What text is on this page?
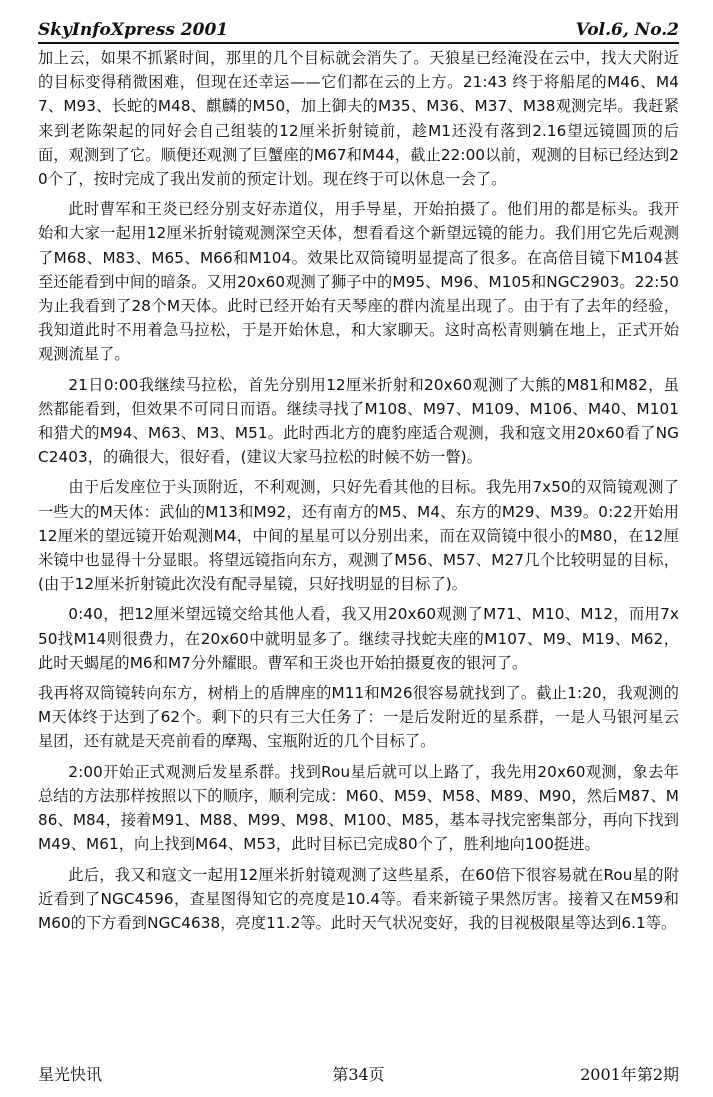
SkyInfoXpress 2001	Vol.6, No.2

加上云，如果不抓紧时间，那里的几个目标就会消失了。天狼星已经淹没在云中，找大犬附近的目标变得稍微困难，但现在还幸运——它们都在云的上方。21:43 终于将船尾的M46、M47、M93、长蛇的M48、麒麟的M50，加上御夫的M35、M36、M37、M38观测完毕。我赶紧来到老陈架起的同好会自己组装的12厘米折射镜前，趁M1还没有落到2.16望远镜圆顶的后面，观测到了它。顺便还观测了巨蟹座的M67和M44，截止22:00以前，观测的目标已经达到20个了，按时完成了我出发前的预定计划。现在终于可以休息一会了。

此时曹军和王炎已经分别支好赤道仪，用手导星，开始拍摄了。他们用的都是标头。我开始和大家一起用12厘米折射镜观测深空天体，想看看这个新望远镜的能力。我们用它先后观测了M68、M83、M65、M66和M104。效果比双筒镜明显提高了很多。在高倍目镜下M104甚至还能看到中间的暗条。又用20x60观测了狮子中的M95、M96、M105和NGC2903。22:50为止我看到了28个M天体。此时已经开始有天琴座的群内流星出现了。由于有了去年的经验，我知道此时不用着急马拉松，于是开始休息，和大家聊天。这时高松青则躺在地上，正式开始观测流星了。

21日0:00我继续马拉松，首先分别用12厘米折射和20x60观测了大熊的M81和M82，虽然都能看到，但效果不可同日而语。继续寻找了M108、M97、M109、M106、M40、M101和猎犬的M94、M63、M3、M51。此时西北方的鹿豹座适合观测，我和寇文用20x60看了NGC2403，的确很大，很好看，(建议大家马拉松的时候不妨一瞥)。

由于后发座位于头顶附近，不利观测，只好先看其他的目标。我先用7x50的双筒镜观测了一些大的M天体：武仙的M13和M92，还有南方的M5、M4、东方的M29、M39。0:22开始用12厘米的望远镜开始观测M4，中间的星星可以分别出来，而在双筒镜中很小的M80，在12厘米镜中也显得十分显眼。将望远镜指向东方，观测了M56、M57、M27几个比较明显的目标，(由于12厘米折射镜此次没有配寻星镜，只好找明显的目标了)。

0:40，把12厘米望远镜交给其他人看，我又用20x60观测了M71、M10、M12，而用7x50找M14则很费力，在20x60中就明显多了。继续寻找蛇夫座的M107、M9、M19、M62，此时天蝎尾的M6和M7分外耀眼。曹军和王炎也开始拍摄夏夜的银河了。

我再将双筒镜转向东方，树梢上的盾牌座的M11和M26很容易就找到了。截止1:20，我观测的M天体终于达到了62个。剩下的只有三大任务了：一是后发附近的星系群，一是人马银河星云星团，还有就是天亮前看的摩羯、宝瓶附近的几个目标了。

2:00开始正式观测后发星系群。找到Rou星后就可以上路了，我先用20x60观测，象去年总结的方法那样按照以下的顺序，顺利完成：M60、M59、M58、M89、M90，然后M87、M86、M84，接着M91、M88、M99、M98、M100、M85，基本寻找完密集部分，再向下找到M49、M61，向上找到M64、M53，此时目标已完成80个了，胜利地向100挺进。

此后，我又和寇文一起用12厘米折射镜观测了这些星系，在60倍下很容易就在Rou星的附近看到了NGC4596，查星图得知它的亮度是10.4等。看来新镜子果然厉害。接着又在M59和M60的下方看到NGC4638，亮度11.2等。此时天气状况变好，我的目视极限星等达到6.1等。

星光快讯	第34页	2001年第2期
